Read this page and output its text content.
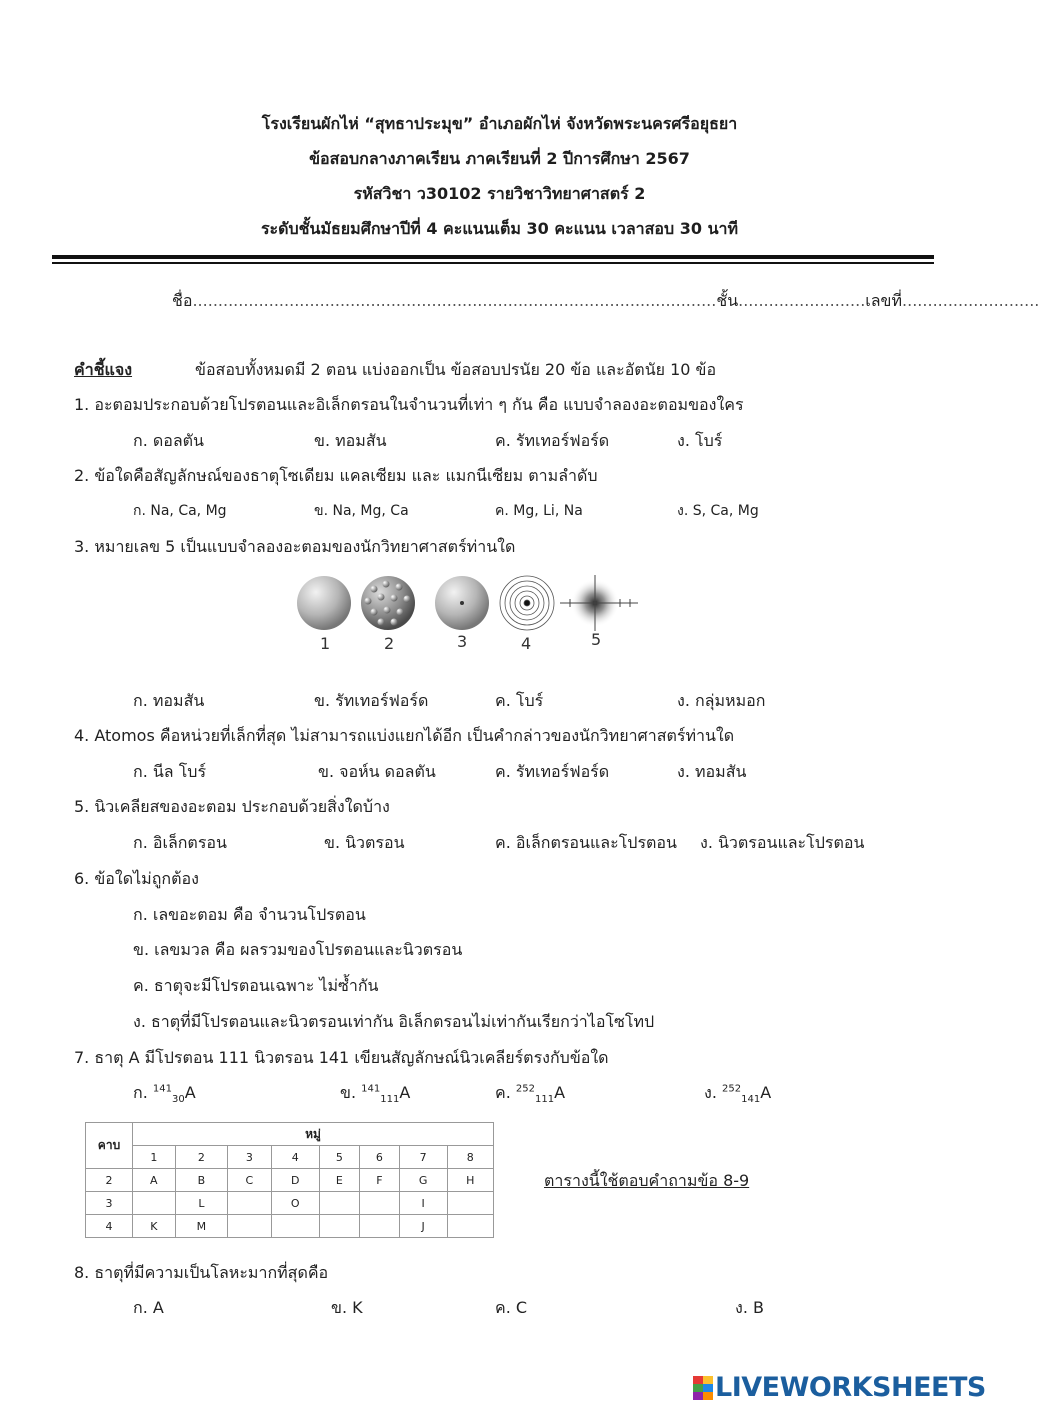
โรงเรียนผักไห่ “สุทธาประมุข” อำเภอผักไห่ จังหวัดพระนครศรีอยุธยา
ข้อสอบกลางภาคเรียน ภาคเรียนที่ 2 ปีการศึกษา 2567
รหัสวิชา ว30102 รายวิชาวิทยาศาสตร์ 2
ระดับชั้นมัธยมศึกษาปีที่ 4 คะแนนเต็ม 30 คะแนน เวลาสอบ 30 นาที
ชื่อ.......................................................................................................ชั้น.........................เลขที่...........................
คำชี้แจง	ข้อสอบทั้งหมดมี 2 ตอน แบ่งออกเป็น ข้อสอบปรนัย 20 ข้อ และอัตนัย 10 ข้อ
1. อะตอมประกอบด้วยโปรตอนและอิเล็กตรอนในจำนวนที่เท่า ๆ กัน คือ แบบจำลองอะตอมของใคร
ก. ดอลตัน	ข. ทอมสัน	ค. รัทเทอร์ฟอร์ด	ง. โบร์
2. ข้อใดคือสัญลักษณ์ของธาตุโซเดียม แคลเซียม และ แมกนีเซียม ตามลำดับ
ก. Na, Ca, Mg	ข. Na, Mg, Ca	ค. Mg, Li, Na	ง. S, Ca, Mg
3. หมายเลข 5 เป็นแบบจำลองอะตอมของนักวิทยาศาสตร์ท่านใด
1	2	3	4	5
ก. ทอมสัน	ข. รัทเทอร์ฟอร์ด	ค. โบร์	ง. กลุ่มหมอก
4. Atomos คือหน่วยที่เล็กที่สุด ไม่สามารถแบ่งแยกได้อีก เป็นคำกล่าวของนักวิทยาศาสตร์ท่านใด
ก. นีล โบร์	ข. จอห์น ดอลตัน	ค. รัทเทอร์ฟอร์ด	ง. ทอมสัน
5. นิวเคลียสของอะตอม ประกอบด้วยสิ่งใดบ้าง
ก. อิเล็กตรอน	ข. นิวตรอน	ค. อิเล็กตรอนและโปรตอน ง. นิวตรอนและโปรตอน
6. ข้อใดไม่ถูกต้อง
ก. เลขอะตอม คือ จำนวนโปรตอน
ข. เลขมวล คือ ผลรวมของโปรตอนและนิวตรอน
ค. ธาตุจะมีโปรตอนเฉพาะ ไม่ซ้ำกัน
ง. ธาตุที่มีโปรตอนและนิวตรอนเท่ากัน อิเล็กตรอนไม่เท่ากันเรียกว่าไอโซโทป
7. ธาตุ A มีโปรตอน 111 นิวตรอน 141 เขียนสัญลักษณ์นิวเคลียร์ตรงกับข้อใด
ก. $^{141}_{30}$A	ข. $^{141}_{111}$A	ค. $^{252}_{111}$A	ง. $^{252}_{141}$A
คาบ	หมู่							
	1	2	3	4	5	6	7	8
2	A	B	C	D	E	F	G	H
3		L		O			I	
4	K	M					J	
ตารางนี้ใช้ตอบคำถามข้อ 8-9
8. ธาตุที่มีความเป็นโลหะมากที่สุดคือ
ก. A	ข. K	ค. C	ง. B
LIVEWORKSHEETS
